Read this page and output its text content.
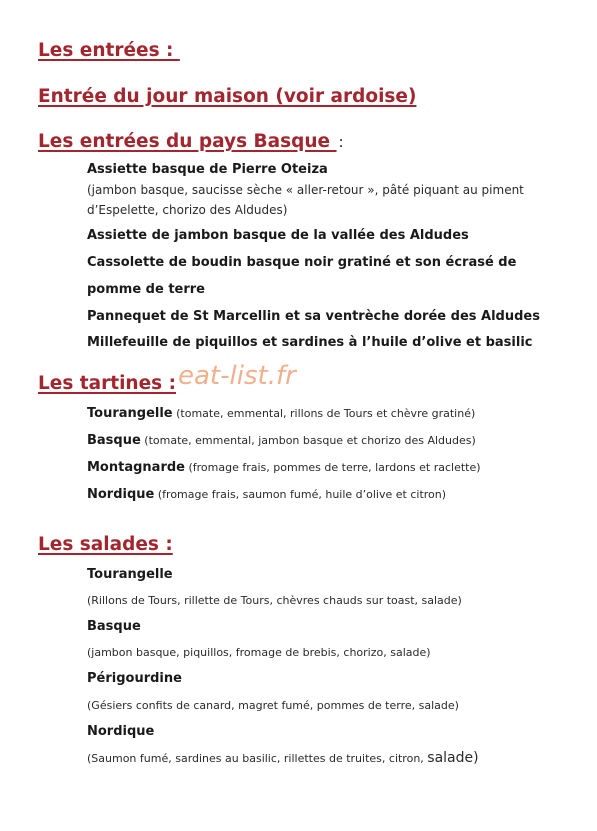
Les entrées :
Entrée du jour maison (voir ardoise)
Les entrées du pays Basque :

Assiette basque de Pierre Oteiza

(jambon basque, saucisse sèche « aller-retour », pâté piquant au piment d’Espelette, chorizo des Aldudes)

Assiette de jambon basque de la vallée des Aldudes

Cassolette de boudin basque noir gratiné et son écrasé de

pomme de terre

Pannequet de St Marcellin et sa ventrèche dorée des Aldudes

Millefeuille de piquillos et sardines à l’huile d’olive et basilic

Les tartines : eat-list.fr

Tourangelle (tomate, emmental, rillons de Tours et chèvre gratiné)

Basque (tomate, emmental, jambon basque et chorizo des Aldudes)

Montagnarde (fromage frais, pommes de terre, lardons et raclette)

Nordique (fromage frais, saumon fumé, huile d’olive et citron)

Les salades :

Tourangelle

(Rillons de Tours, rillette de Tours, chèvres chauds sur toast, salade)

Basque

(jambon basque, piquillos, fromage de brebis, chorizo, salade)

Périgourdine

(Gésiers confits de canard, magret fumé, pommes de terre, salade)

Nordique

(Saumon fumé, sardines au basilic, rillettes de truites, citron, salade)
